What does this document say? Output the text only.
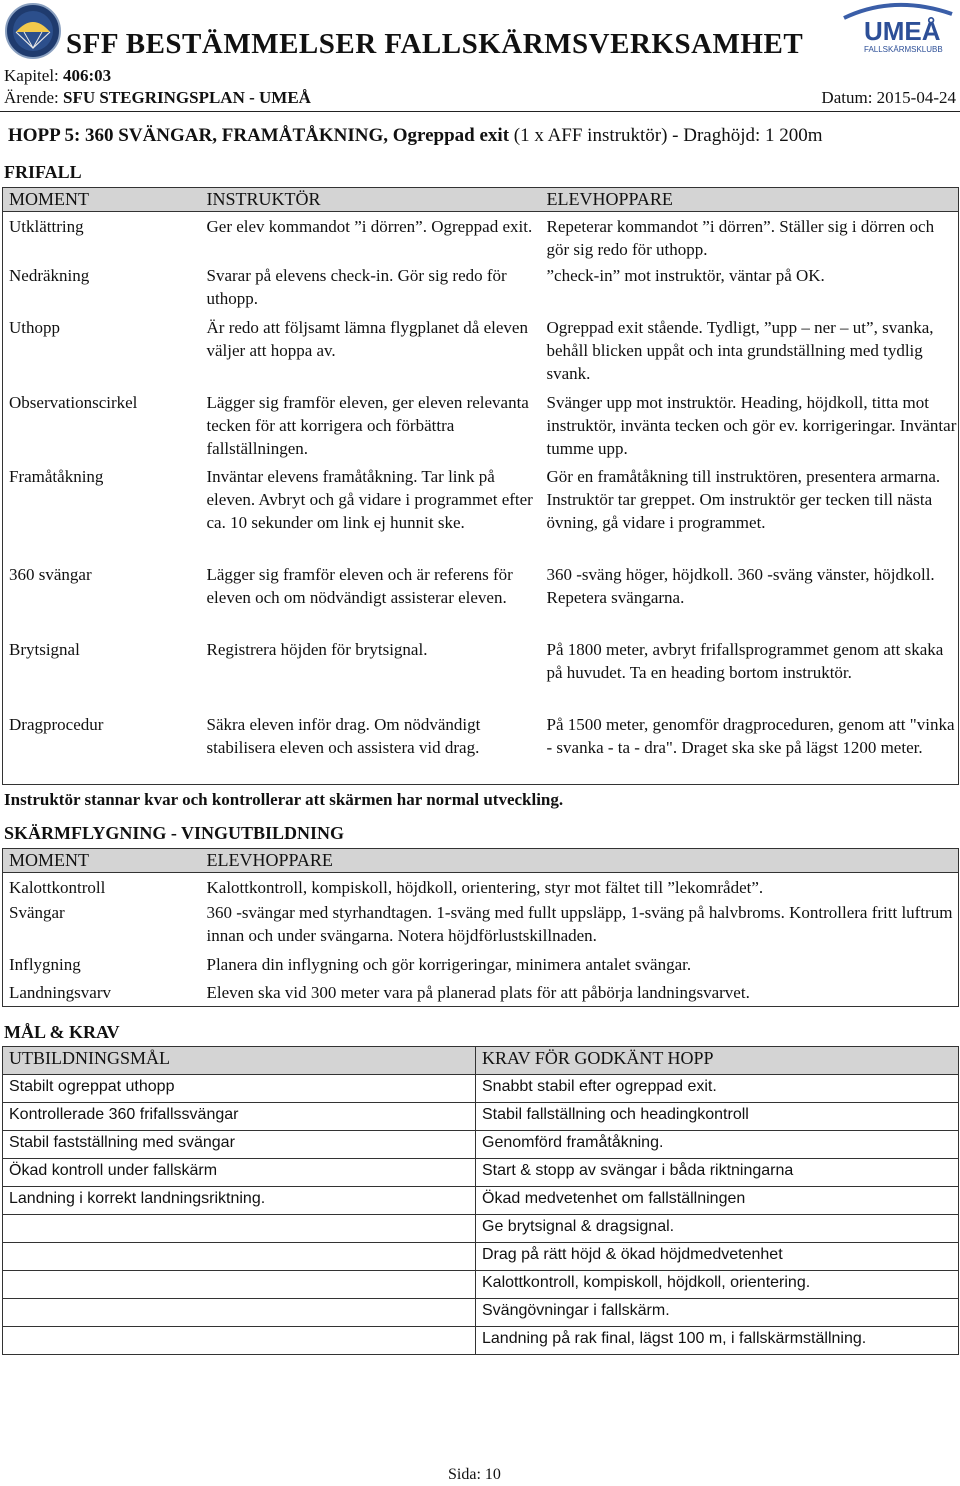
UMEÅ
FALLSKÄRMSKLUBB
SFF BESTÄMMELSER FALLSKÄRMSVERKSAMHET
Kapitel: 406:03
Ärende: SFU STEGRINGSPLAN - UMEÅ	Datum: 2015-04-24
HOPP 5: 360 SVÄNGAR, FRAMÅTÅKNING, Ogreppad exit (1 x AFF instruktör) - Draghöjd: 1 200m
FRIFALL
MOMENT	INSTRUKTÖR	ELEVHOPPARE
Utklättring	Ger elev kommandot ”i dörren”. Ogreppad exit.	Repeterar kommandot ”i dörren”. Ställer sig i dörren och gör sig redo för uthopp.
Nedräkning	Svarar på elevens check-in. Gör sig redo för uthopp.	”check-in” mot instruktör, väntar på OK.
Uthopp	Är redo att följsamt lämna flygplanet då eleven väljer att hoppa av.	Ogreppad exit stående. Tydligt, ”upp – ner – ut”, svanka, behåll blicken uppåt och inta grundställning med tydlig svank.
Observationscirkel	Lägger sig framför eleven, ger eleven relevanta tecken för att korrigera och förbättra fallställningen.	Svänger upp mot instruktör. Heading, höjdkoll, titta mot instruktör, invänta tecken och gör ev. korrigeringar. Inväntar tumme upp.
Framåtåkning	Inväntar elevens framåtåkning. Tar link på eleven. Avbryt och gå vidare i programmet efter ca. 10 sekunder om link ej hunnit ske.	Gör en framåtåkning till instruktören, presentera armarna. Instruktör tar greppet. Om instruktör ger tecken till nästa övning, gå vidare i programmet.
360 svängar	Lägger sig framför eleven och är referens för eleven och om nödvändigt assisterar eleven.	360 -sväng höger, höjdkoll. 360 -sväng vänster, höjdkoll. Repetera svängarna.
Brytsignal	Registrera höjden för brytsignal.	På 1800 meter, avbryt frifallsprogrammet genom att skaka på huvudet. Ta en heading bortom instruktör.
Dragprocedur	Säkra eleven inför drag. Om nödvändigt stabilisera eleven och assistera vid drag.	På 1500 meter, genomför dragproceduren, genom att "vinka - svanka - ta - dra". Draget ska ske på lägst 1200 meter.
Instruktör stannar kvar och kontrollerar att skärmen har normal utveckling.
SKÄRMFLYGNING - VINGUTBILDNING
MOMENT	ELEVHOPPARE
Kalottkontroll	Kalottkontroll, kompiskoll, höjdkoll, orientering, styr mot fältet till ”lekområdet”.
Svängar	360 -svängar med styrhandtagen. 1-sväng med fullt uppsläpp, 1-sväng på halvbroms. Kontrollera fritt luftrum innan och under svängarna. Notera höjdförlustskillnaden.
Inflygning	Planera din inflygning och gör korrigeringar, minimera antalet svängar.
Landningsvarv	Eleven ska vid 300 meter vara på planerad plats för att påbörja landningsvarvet.
MÅL & KRAV
UTBILDNINGSMÅL	KRAV FÖR GODKÄNT HOPP
Stabilt ogreppat uthopp	Snabbt stabil efter ogreppad exit.
Kontrollerade 360 frifallssvängar	Stabil fallställning och headingkontroll
Stabil fastställning med svängar	Genomförd framåtåkning.
Ökad kontroll under fallskärm	Start & stopp av svängar i båda riktningarna
Landning i korrekt landningsriktning.	Ökad medvetenhet om fallställningen
	Ge brytsignal & dragsignal.
	Drag på rätt höjd & ökad höjdmedvetenhet
	Kalottkontroll, kompiskoll, höjdkoll, orientering.
	Svängövningar i fallskärm.
	Landning på rak final, lägst 100 m, i fallskärmställning.
Sida: 10
